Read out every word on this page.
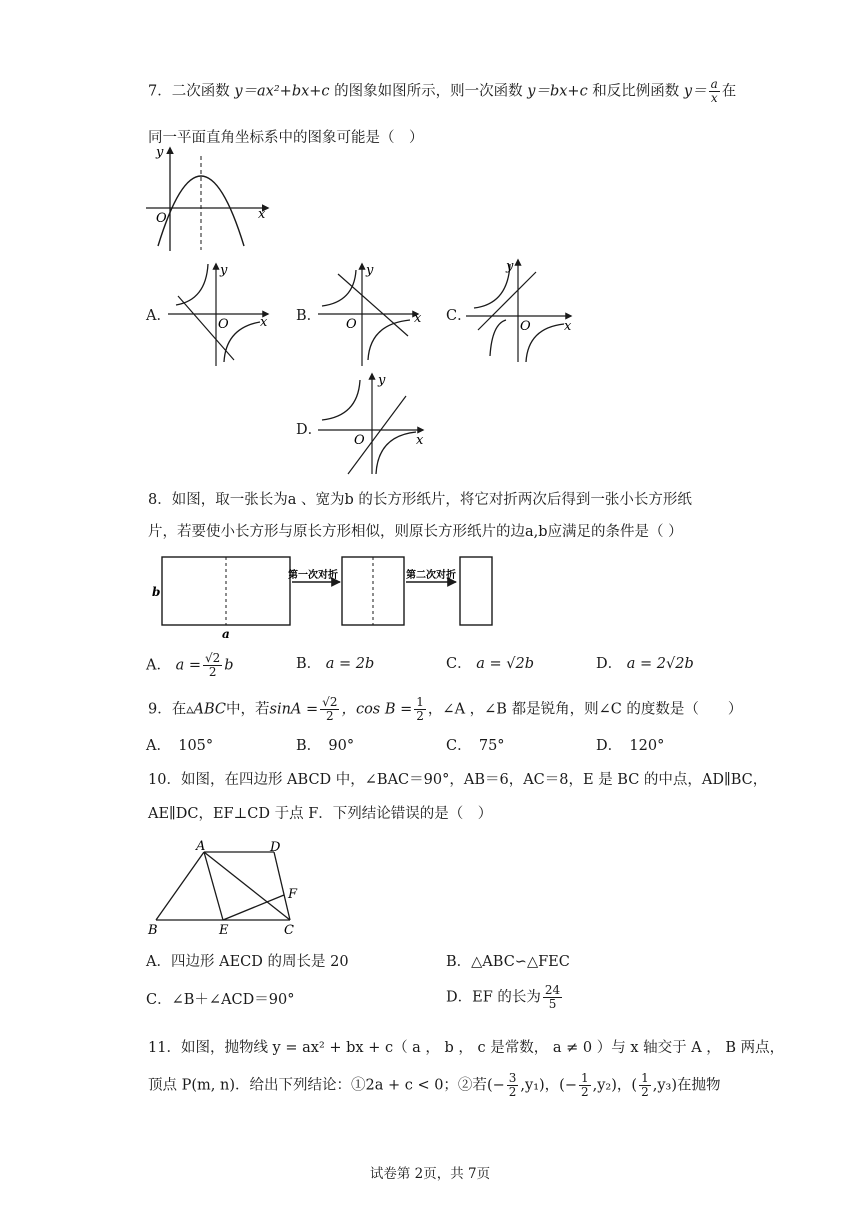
7．二次函数 y＝ax²+bx+c 的图象如图所示，则一次函数 y＝bx+c 和反比例函数 $y= \frac{a}{x}$ 在
同一平面直角坐标系中的图象可能是（　）
y
O	x
A．
y
O x B．
y
O	x C．
y
O	x
D．
y
O	x
8．如图，取一张长为a 、宽为b 的长方形纸片，将它对折两次后得到一张小长方形纸
片，若要使小长方形与原长方形相似，则原长方形纸片的边a,b应满足的条件是（ ）
b
a
第一次对折	第二次对折
A． $a = \frac{√2}{2}$ b	B． a = 2b	C． a = √2b	D． a = 2√2b
9．在▵ABC中，若$\sin A = \frac{√2}{2}$ ，$\cos B = \frac{1}{2}$ ，∠A ，∠B 都是锐角，则∠C 的度数是（　　）
A．　 105°	B．　 90°	C．　 75°	D．　 120°
10．如图，在四边形 ABCD 中，∠BAC＝90°，AB＝6，AC＝8，E 是 BC 的中点，AD∥BC，
AE∥DC，EF⊥CD 于点 F．下列结论错误的是（　）
A	D
F
B	E	C
A．四边形 AECD 的周长是 20	B．△ABC∽△FEC
C．∠B＋∠ACD＝90°	D．EF 的长为 $\frac{24}{5}$
11．如图，抛物线 y = ax² + bx + c（ a ， b ， c 是常数， a ≠ 0 ）与 x 轴交于 A ， B 两点，
顶点 P(m, n)．给出下列结论：①2a + c < 0；②若(− $\frac{3}{2} ,y_1$)，(− $\frac{1}{2} ,y_2$)，( $\frac{1}{2} ,y_3$)在抛物
试卷第 2页，共 7页
